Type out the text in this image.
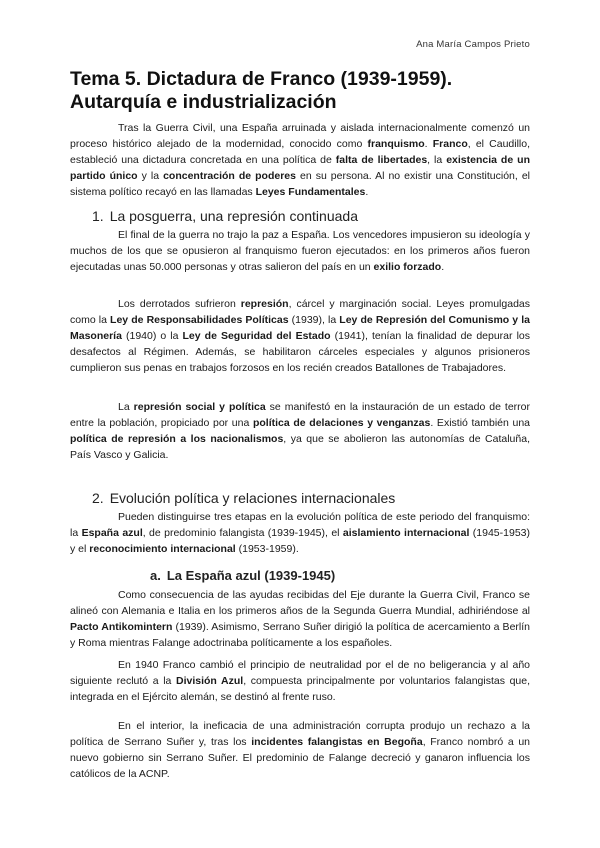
Ana María Campos Prieto
Tema 5. Dictadura de Franco (1939-1959). Autarquía e industrialización

Tras la Guerra Civil, una España arruinada y aislada internacionalmente comenzó un proceso histórico alejado de la modernidad, conocido como franquismo. Franco, el Caudillo, estableció una dictadura concretada en una política de falta de libertades, la existencia de un partido único y la concentración de poderes en su persona. Al no existir una Constitución, el sistema político recayó en las llamadas Leyes Fundamentales.

1. La posguerra, una represión continuada

El final de la guerra no trajo la paz a España. Los vencedores impusieron su ideología y muchos de los que se opusieron al franquismo fueron ejecutados: en los primeros años fueron ejecutadas unas 50.000 personas y otras salieron del país en un exilio forzado.

Los derrotados sufrieron represión, cárcel y marginación social. Leyes promulgadas como la Ley de Responsabilidades Políticas (1939), la Ley de Represión del Comunismo y la Masonería (1940) o la Ley de Seguridad del Estado (1941), tenían la finalidad de depurar los desafectos al Régimen. Además, se habilitaron cárceles especiales y algunos prisioneros cumplieron sus penas en trabajos forzosos en los recién creados Batallones de Trabajadores.

La represión social y política se manifestó en la instauración de un estado de terror entre la población, propiciado por una política de delaciones y venganzas. Existió también una política de represión a los nacionalismos, ya que se abolieron las autonomías de Cataluña, País Vasco y Galicia.

2. Evolución política y relaciones internacionales

Pueden distinguirse tres etapas en la evolución política de este periodo del franquismo: la España azul, de predominio falangista (1939-1945), el aislamiento internacional (1945-1953) y el reconocimiento internacional (1953-1959).

a. La España azul (1939-1945)

Como consecuencia de las ayudas recibidas del Eje durante la Guerra Civil, Franco se alineó con Alemania e Italia en los primeros años de la Segunda Guerra Mundial, adhiriéndose al Pacto Antikomintern (1939). Asimismo, Serrano Suñer dirigió la política de acercamiento a Berlín y Roma mientras Falange adoctrinaba políticamente a los españoles.

En 1940 Franco cambió el principio de neutralidad por el de no beligerancia y al año siguiente reclutó a la División Azul, compuesta principalmente por voluntarios falangistas que, integrada en el Ejército alemán, se destinó al frente ruso.

En el interior, la ineficacia de una administración corrupta produjo un rechazo a la política de Serrano Suñer y, tras los incidentes falangistas en Begoña, Franco nombró a un nuevo gobierno sin Serrano Suñer. El predominio de Falange decreció y ganaron influencia los católicos de la ACNP.
